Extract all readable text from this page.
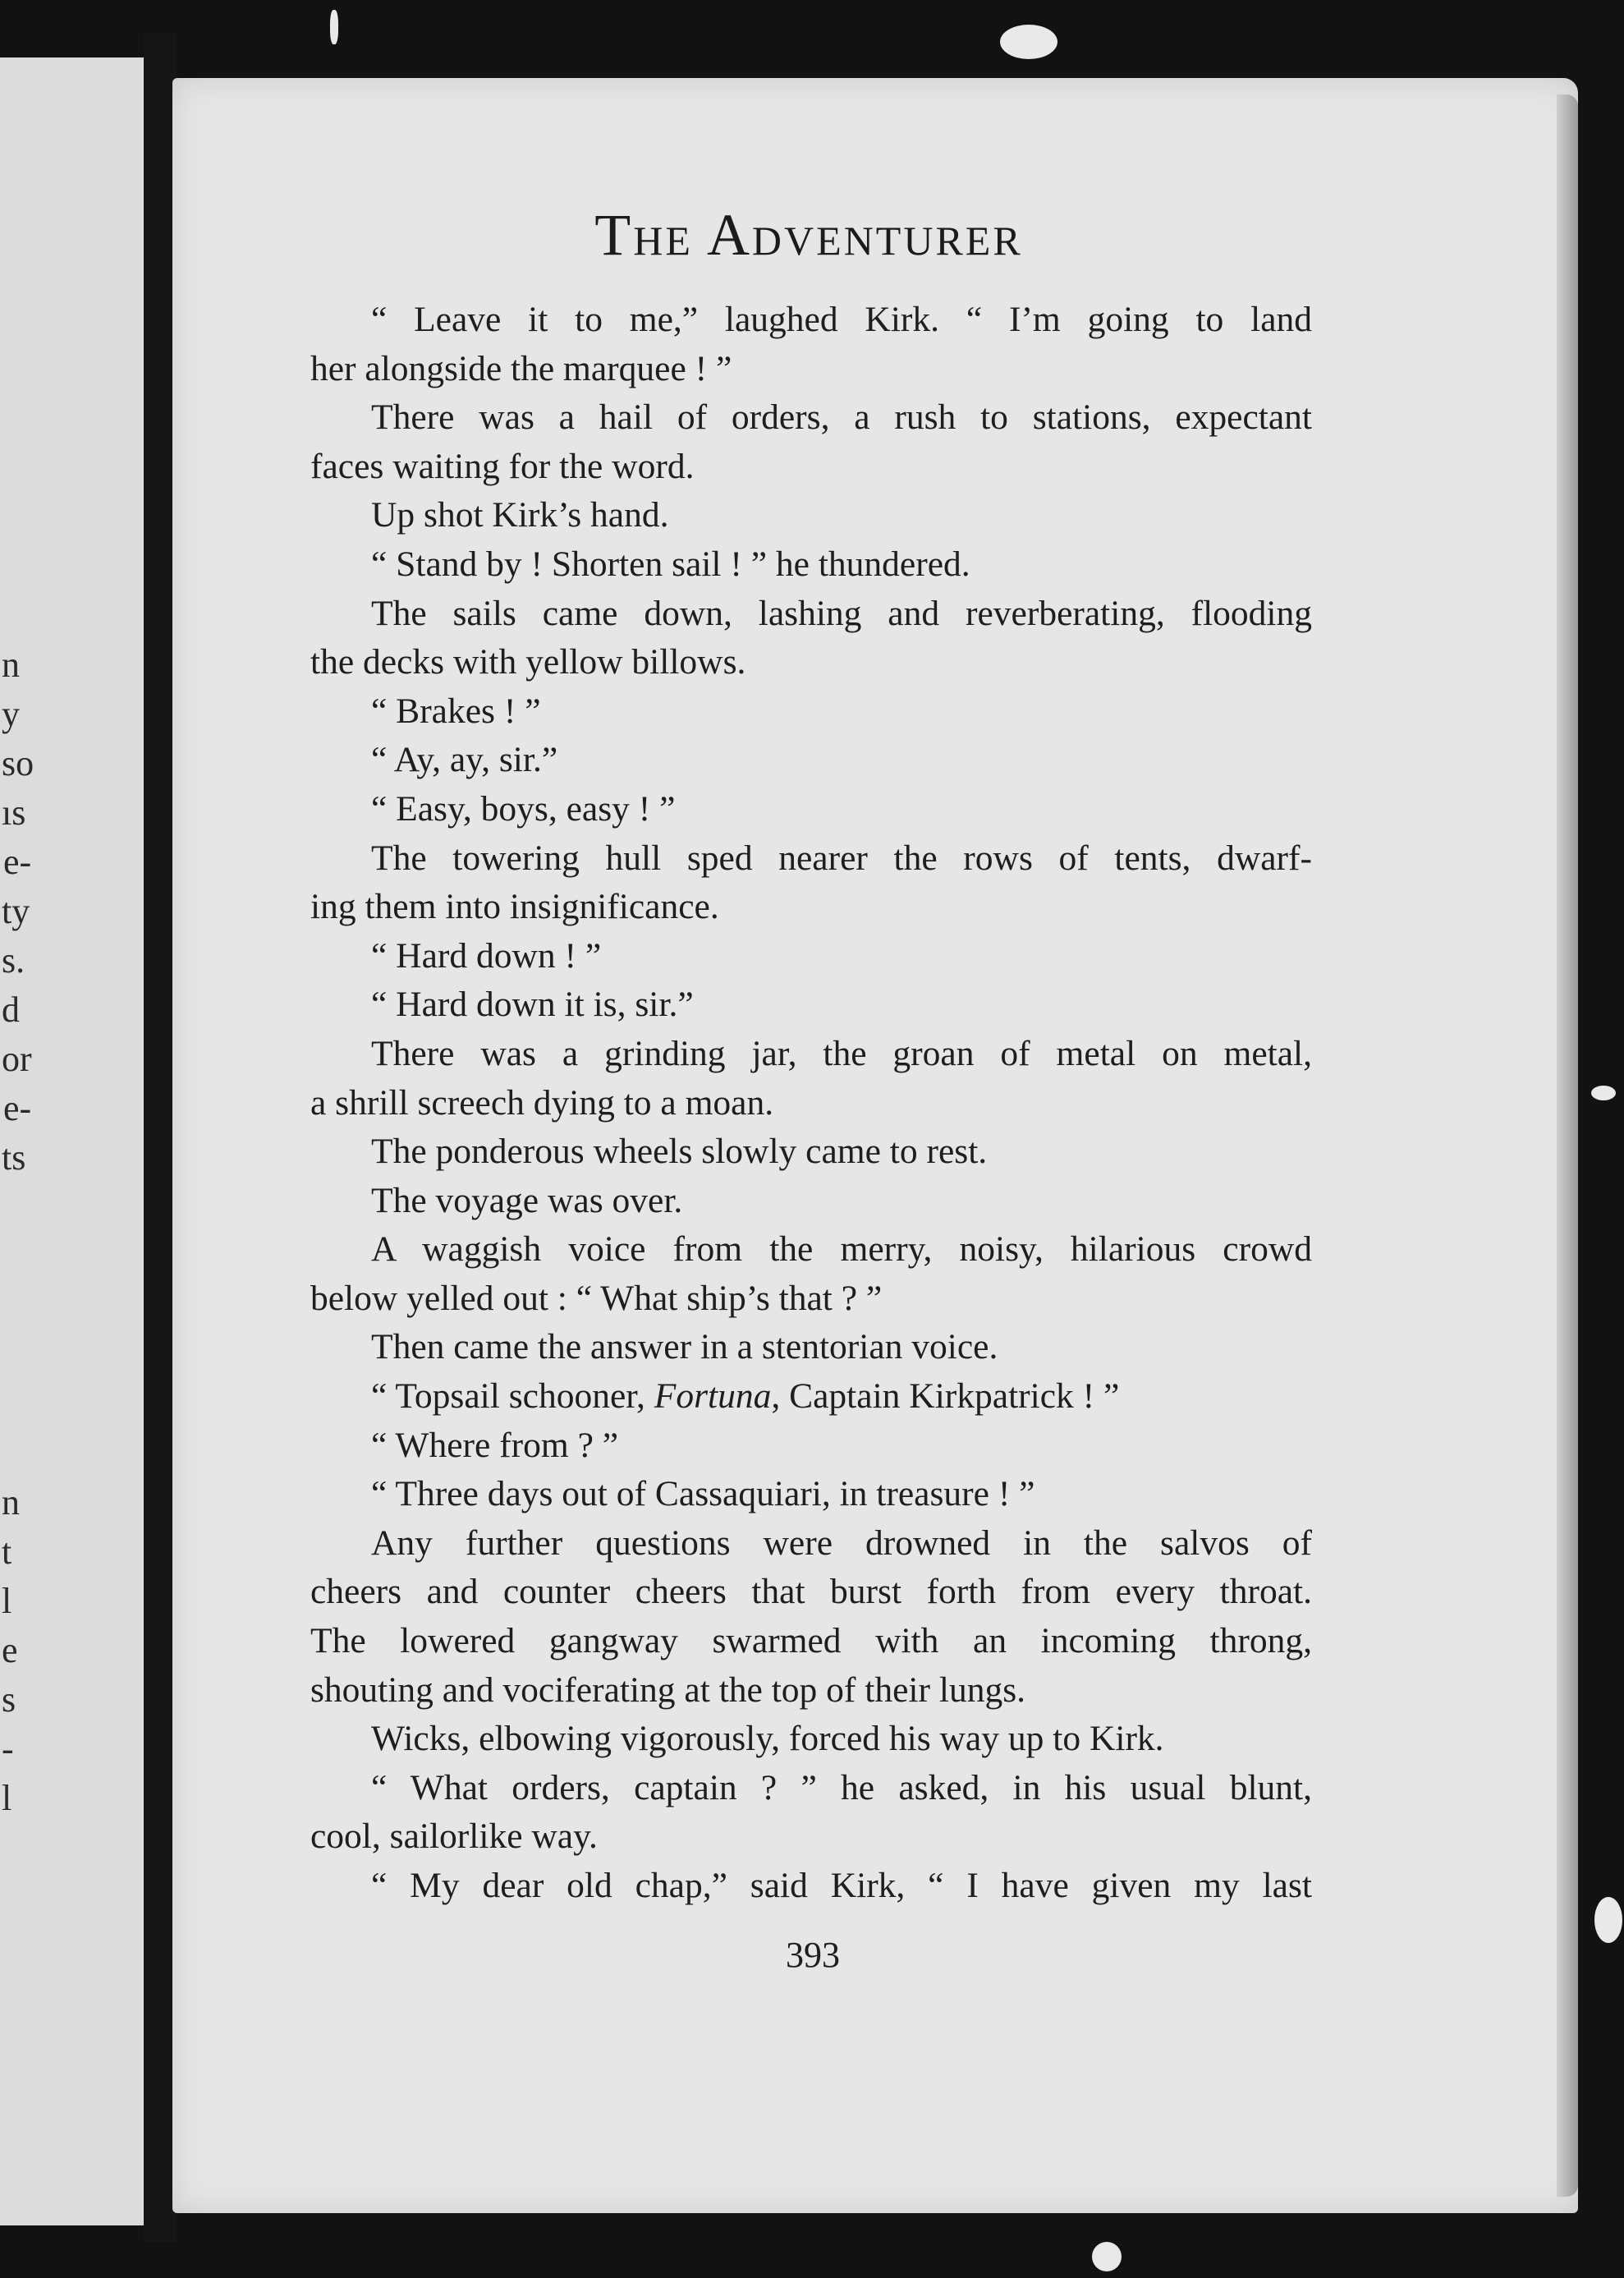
n
y
so
ıs
e-
ty
s.
d
or
e-
ts
n
t
l
e
s
-
l
The Adventurer
“ Leave it to me,” laughed Kirk. “ I’m going to land
her alongside the marquee ! ”
There was a hail of orders, a rush to stations, expectant
faces waiting for the word.
Up shot Kirk’s hand.
“ Stand by ! Shorten sail ! ” he thundered.
The sails came down, lashing and reverberating, flooding
the decks with yellow billows.
“ Brakes ! ”
“ Ay, ay, sir.”
“ Easy, boys, easy ! ”
The towering hull sped nearer the rows of tents, dwarf-
ing them into insignificance.
“ Hard down ! ”
“ Hard down it is, sir.”
There was a grinding jar, the groan of metal on metal,
a shrill screech dying to a moan.
The ponderous wheels slowly came to rest.
The voyage was over.
A waggish voice from the merry, noisy, hilarious crowd
below yelled out : “ What ship’s that ? ”
Then came the answer in a stentorian voice.
“ Topsail schooner, Fortuna, Captain Kirkpatrick ! ”
“ Where from ? ”
“ Three days out of Cassaquiari, in treasure ! ”
Any further questions were drowned in the salvos of
cheers and counter cheers that burst forth from every throat.
The lowered gangway swarmed with an incoming throng,
shouting and vociferating at the top of their lungs.
Wicks, elbowing vigorously, forced his way up to Kirk.
“ What orders, captain ? ” he asked, in his usual blunt,
cool, sailorlike way.
“ My dear old chap,” said Kirk, “ I have given my last
393
